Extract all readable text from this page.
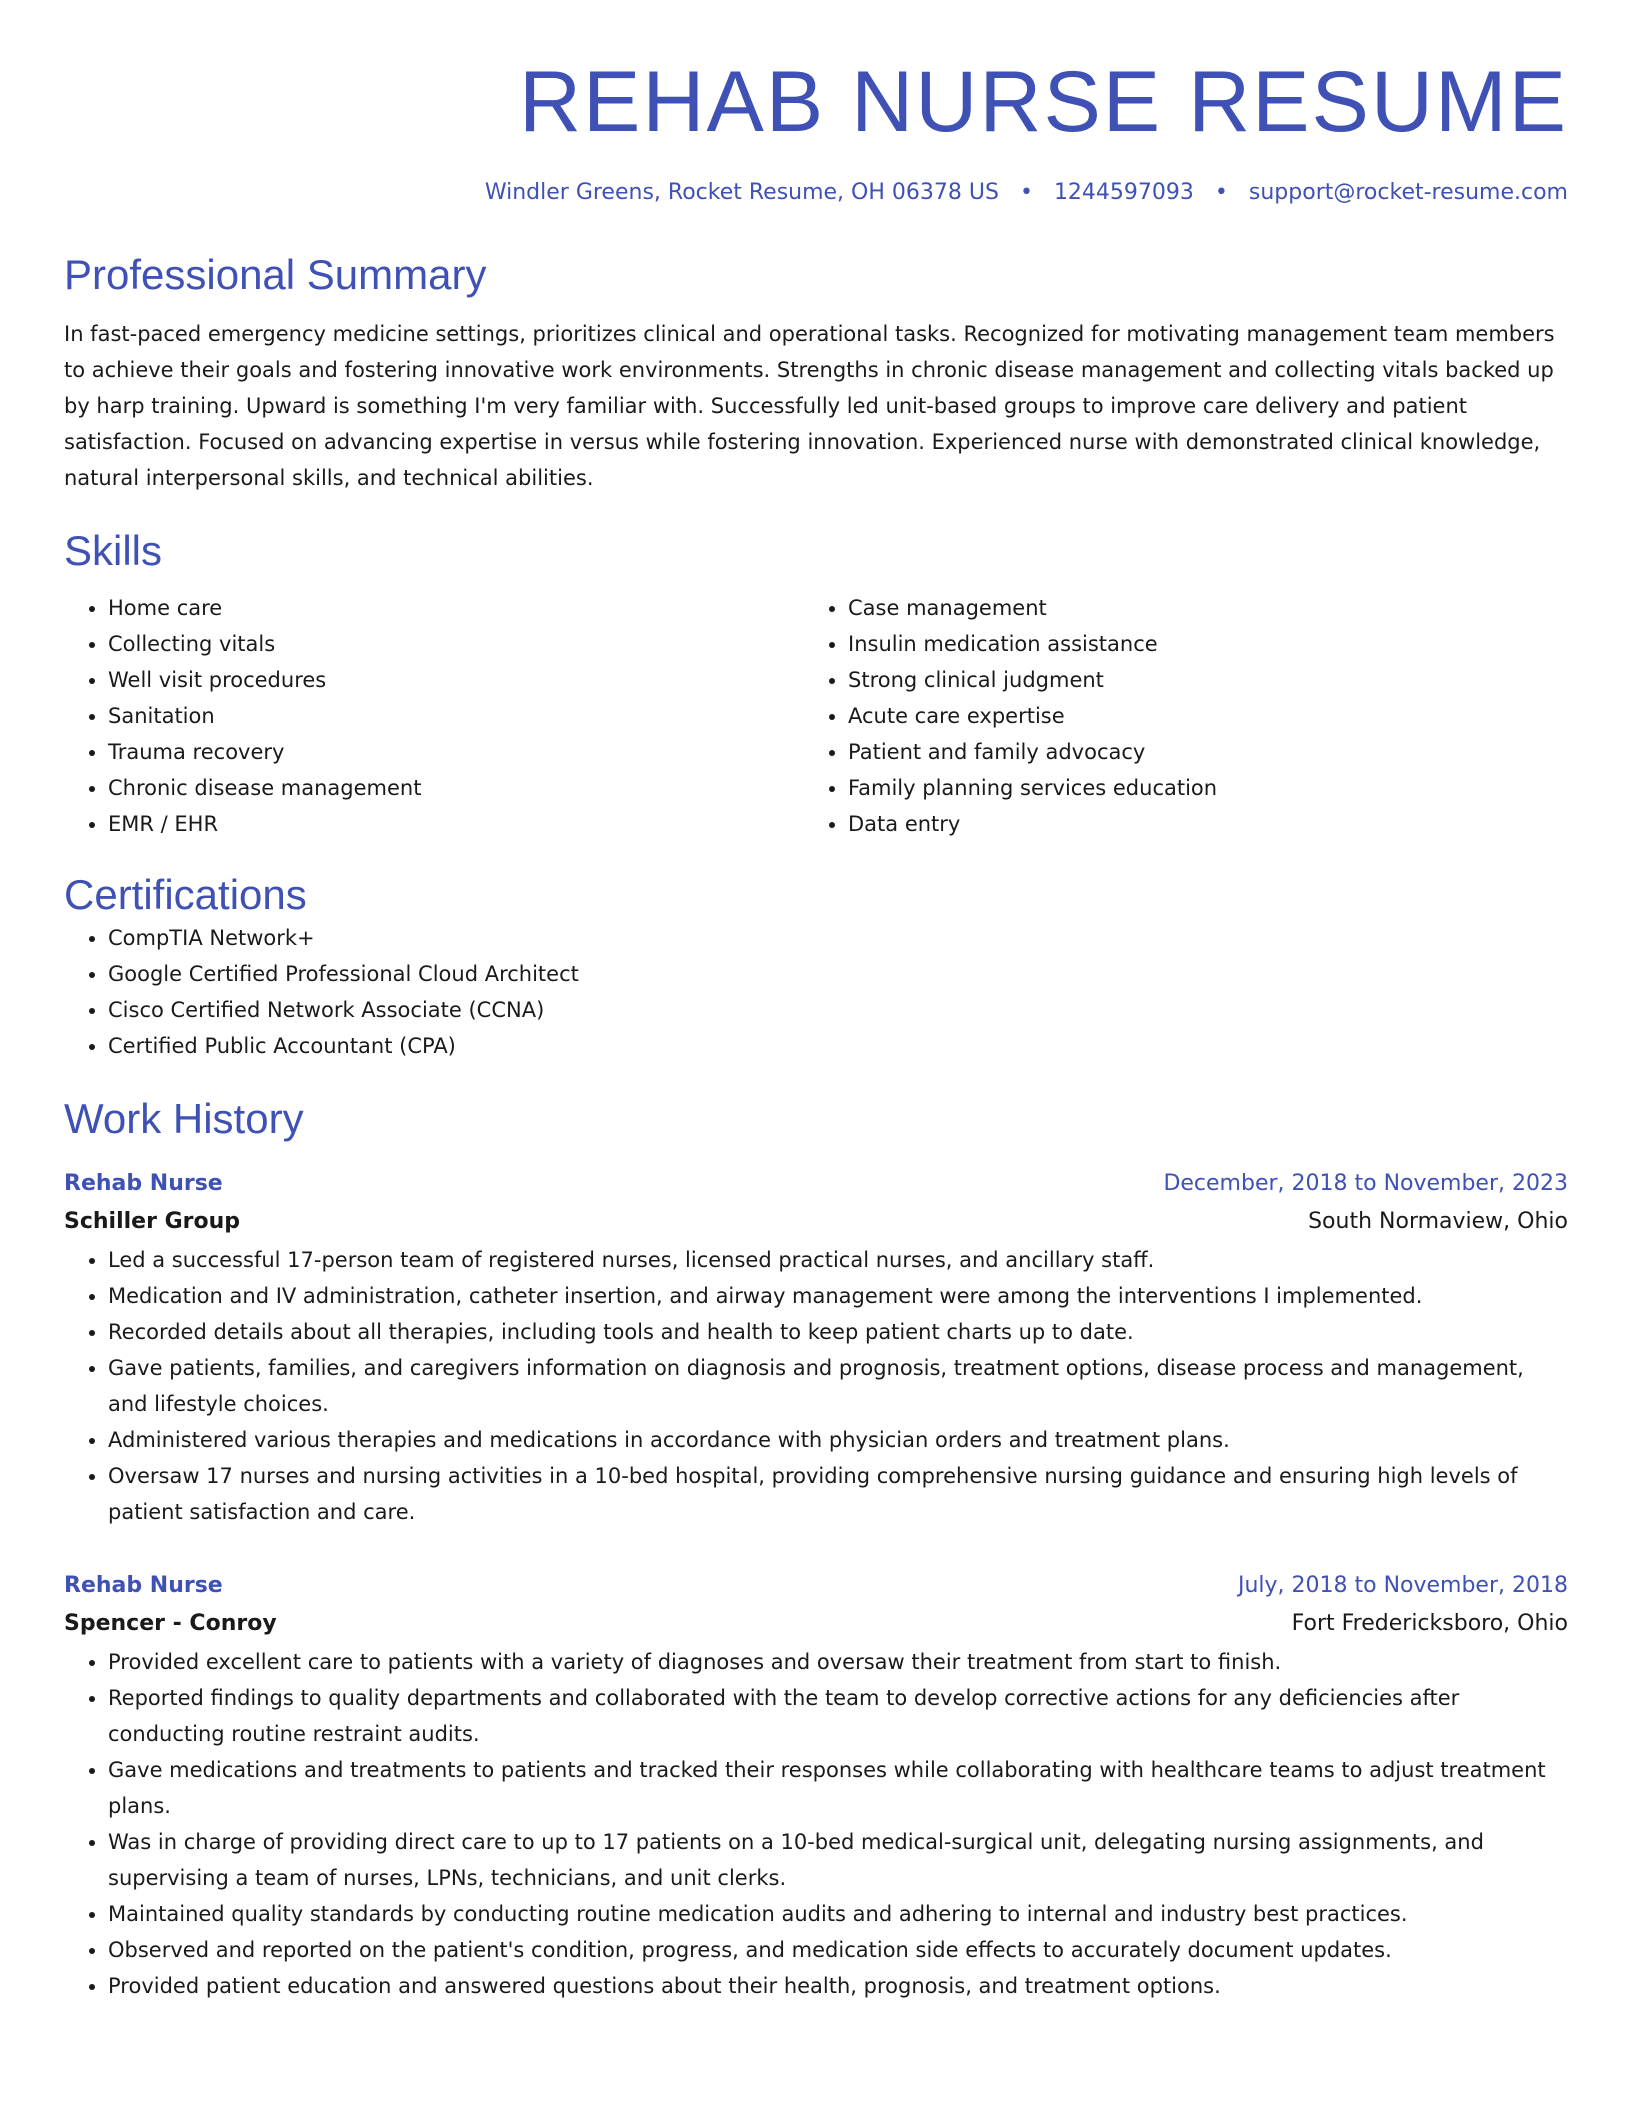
REHAB NURSE RESUME
Windler Greens, Rocket Resume, OH 06378 US • 1244597093 • support@rocket-resume.com
Professional Summary

In fast-paced emergency medicine settings, prioritizes clinical and operational tasks. Recognized for motivating management team members to achieve their goals and fostering innovative work environments. Strengths in chronic disease management and collecting vitals backed up by harp training. Upward is something I'm very familiar with. Successfully led unit-based groups to improve care delivery and patient satisfaction. Focused on advancing expertise in versus while fostering innovation. Experienced nurse with demonstrated clinical knowledge, natural interpersonal skills, and technical abilities.

Skills
• Home care
• Collecting vitals
• Well visit procedures
• Sanitation
• Trauma recovery
• Chronic disease management
• EMR / EHR
• Case management
• Insulin medication assistance
• Strong clinical judgment
• Acute care expertise
• Patient and family advocacy
• Family planning services education
• Data entry
Certifications
• CompTIA Network+
• Google Certified Professional Cloud Architect
• Cisco Certified Network Associate (CCNA)
• Certified Public Accountant (CPA)
Work History
Rehab Nurse	December, 2018 to November, 2023
Schiller Group	South Normaview, Ohio
• Led a successful 17-person team of registered nurses, licensed practical nurses, and ancillary staff.
• Medication and IV administration, catheter insertion, and airway management were among the interventions I implemented.
• Recorded details about all therapies, including tools and health to keep patient charts up to date.
• Gave patients, families, and caregivers information on diagnosis and prognosis, treatment options, disease process and management, and lifestyle choices.
• Administered various therapies and medications in accordance with physician orders and treatment plans.
• Oversaw 17 nurses and nursing activities in a 10-bed hospital, providing comprehensive nursing guidance and ensuring high levels of patient satisfaction and care.
Rehab Nurse	July, 2018 to November, 2018
Spencer - Conroy	Fort Fredericksboro, Ohio
• Provided excellent care to patients with a variety of diagnoses and oversaw their treatment from start to finish.
• Reported findings to quality departments and collaborated with the team to develop corrective actions for any deficiencies after conducting routine restraint audits.
• Gave medications and treatments to patients and tracked their responses while collaborating with healthcare teams to adjust treatment plans.
• Was in charge of providing direct care to up to 17 patients on a 10-bed medical-surgical unit, delegating nursing assignments, and supervising a team of nurses, LPNs, technicians, and unit clerks.
• Maintained quality standards by conducting routine medication audits and adhering to internal and industry best practices.
• Observed and reported on the patient's condition, progress, and medication side effects to accurately document updates.
• Provided patient education and answered questions about their health, prognosis, and treatment options.
